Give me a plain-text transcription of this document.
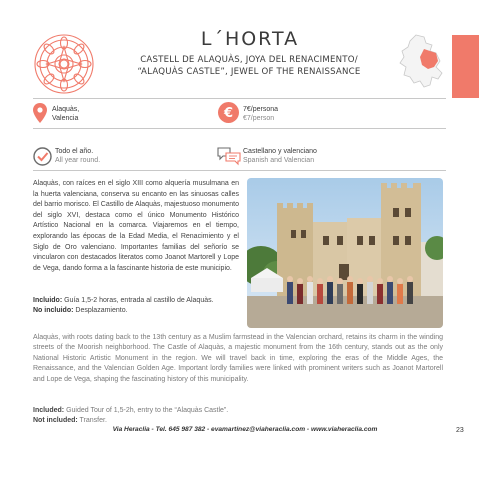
L´HORTA
CASTELL DE ALAQUÀS, JOYA DEL RENACIMENTO/
“ALAQUÀS CASTLE”, JEWEL OF THE RENAISSANCE
Alaquàs,
Valencia	€ 7€/persona
€7/person
Todo el año.
All year round.
Castellano y valenciano
Spanish and Valencian

Alaquàs, con raíces en el siglo XIII como alquería musulmana en la huerta valenciana, conserva su encanto en las sinuosas calles del barrio morisco. El Castillo de Alaquàs, majestuoso monumento del siglo XVI, destaca como el único Monumento Histórico Artístico Nacional en la comarca. Viajaremos en el tiempo, explorando las épocas de la Edad Media, el Renacimiento y el Siglo de Oro valenciano. Importantes familias del señorío se vincularon con destacados literatos como Joanot Martorell y Lope de Vega, dando forma a la fascinante historia de este municipio.

Incluido: Guía 1,5-2 horas, entrada al castillo de Alaquàs.
No incluido: Desplazamiento.

Alaquàs, with roots dating back to the 13th century as a Muslim farmstead in the Valencian orchard, retains its charm in the winding streets of the Moorish neighborhood. The Castle of Alaquàs, a majestic monument from the 16th century, stands out as the only National Historic Artistic Monument in the region. We will travel back in time, exploring the eras of the Middle Ages, the Renaissance, and the Valencian Golden Age. Important lordly families were linked with prominent writers such as Joanot Martorell and Lope de Vega, shaping the fascinating history of this municipality.

Included: Guided Tour of 1,5-2h, entry to the “Alaquàs Castle”.
Not included: Transfer.
Via Heraclia - Tel. 645 987 382 - evamartinez@viaheraclia.com - www.viaheraclia.com	23
